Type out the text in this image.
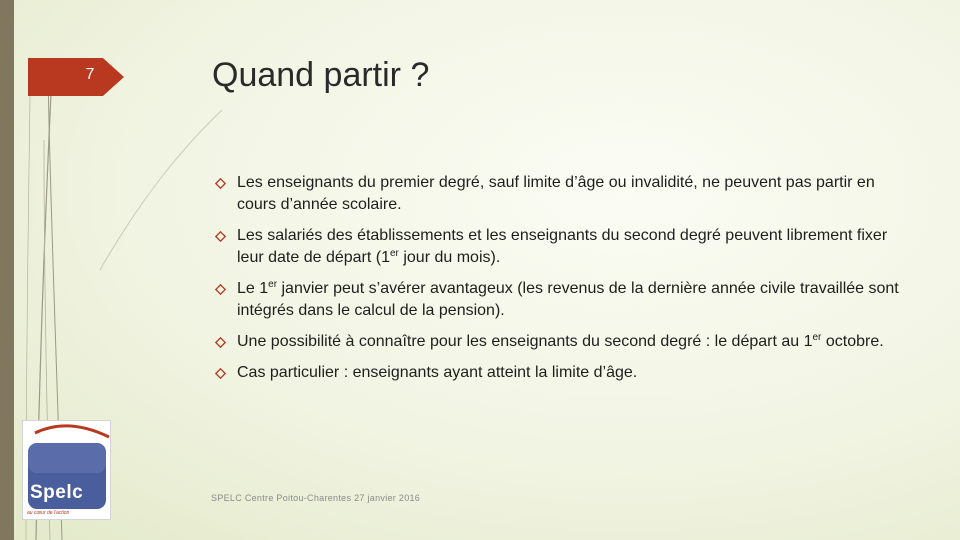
7	Quand partir ?
Les enseignants du premier degré, sauf limite d’âge ou invalidité, ne peuvent pas partir en cours d’année scolaire.
Les salariés des établissements et les enseignants du second degré peuvent librement fixer leur date de départ (1er jour du mois).
Le 1er janvier peut s’avérer avantageux (les revenus de la dernière année civile travaillée sont intégrés dans le calcul de la pension).
Une possibilité à connaître pour les enseignants du second degré : le départ au 1er octobre.
Cas particulier : enseignants ayant atteint la limite d’âge.
SPELC Centre Poitou-Charentes 27 janvier 2016
Spelc
au cœur de l'action
